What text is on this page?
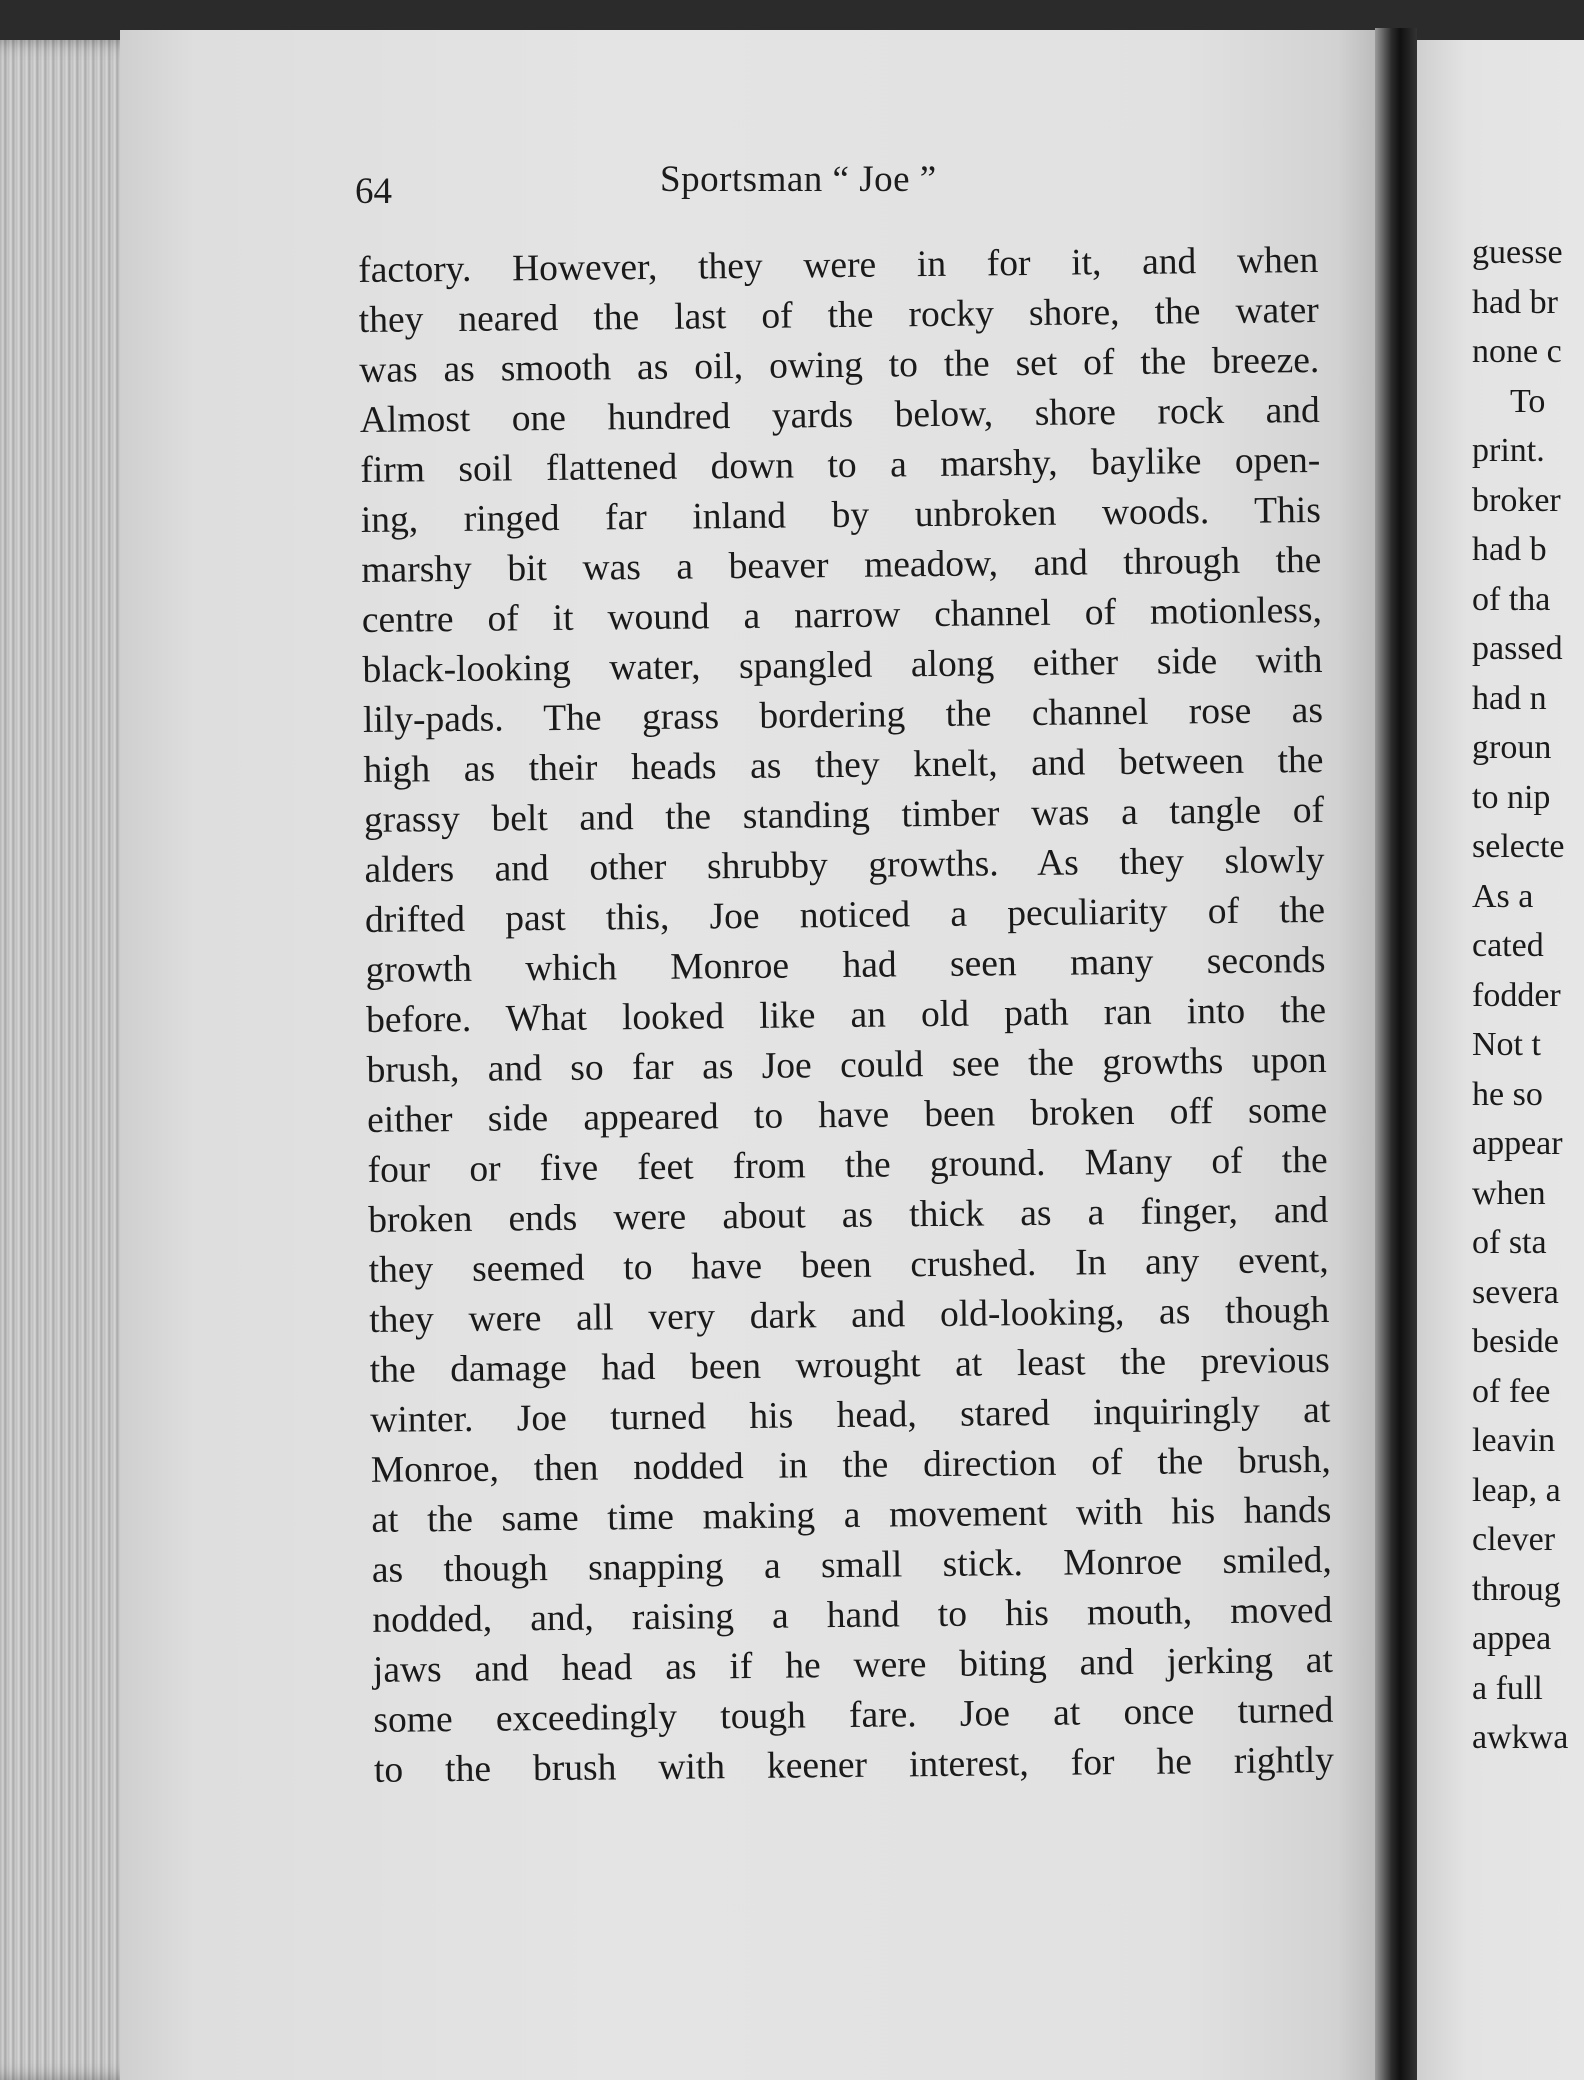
64	Sportsman “ Joe ”
factory. However, they were in for it, and when
they neared the last of the rocky shore, the water
was as smooth as oil, owing to the set of the breeze.
Almost one hundred yards below, shore rock and
firm soil flattened down to a marshy, baylike open-
ing, ringed far inland by unbroken woods. This
marshy bit was a beaver meadow, and through the
centre of it wound a narrow channel of motionless,
black-looking water, spangled along either side with
lily-pads. The grass bordering the channel rose as
high as their heads as they knelt, and between the
grassy belt and the standing timber was a tangle of
alders and other shrubby growths. As they slowly
drifted past this, Joe noticed a peculiarity of the
growth which Monroe had seen many seconds
before. What looked like an old path ran into the
brush, and so far as Joe could see the growths upon
either side appeared to have been broken off some
four or five feet from the ground. Many of the
broken ends were about as thick as a finger, and
they seemed to have been crushed. In any event,
they were all very dark and old-looking, as though
the damage had been wrought at least the previous
winter. Joe turned his head, stared inquiringly at
Monroe, then nodded in the direction of the brush,
at the same time making a movement with his hands
as though snapping a small stick. Monroe smiled,
nodded, and, raising a hand to his mouth, moved
jaws and head as if he were biting and jerking at
some exceedingly tough fare. Joe at once turned
to the brush with keener interest, for he rightly
guesse
had br
none c
To
print.
broker
had b
of tha
passed
had n
groun
to nip
selecte
As a
cated
fodder
Not t
he so
appear
when
of sta
severa
beside
of fee
leavin
leap, a
clever
throug
appea
a full
awkwa
